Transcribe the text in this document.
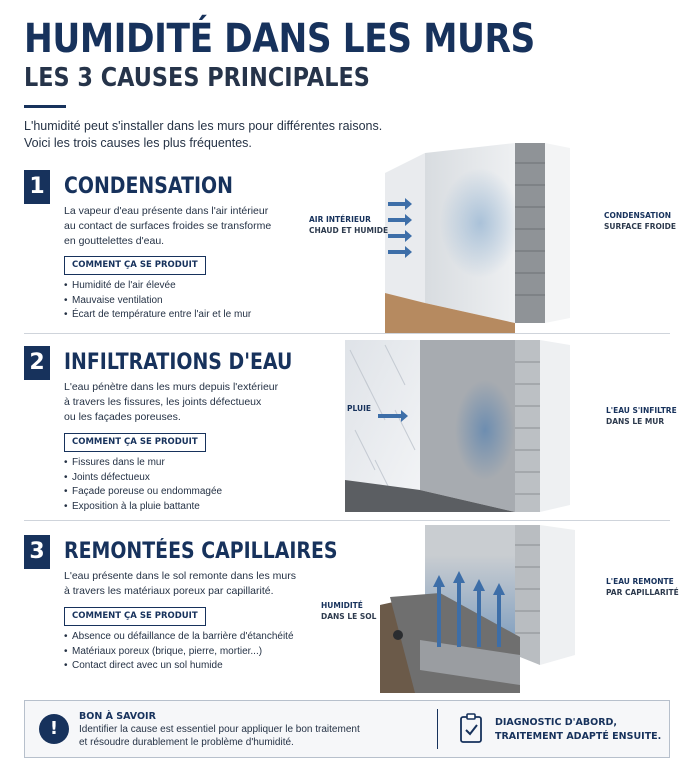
HUMIDITÉ DANS LES MURS
LES 3 CAUSES PRINCIPALES
L'humidité peut s'installer dans les murs pour différentes raisons.
Voici les trois causes les plus fréquentes.
1 CONDENSATION
La vapeur d'eau présente dans l'air intérieur
au contact de surfaces froides se transforme
en gouttelettes d'eau.
COMMENT ÇA SE PRODUIT
• Humidité de l'air élevée
• Mauvaise ventilation
• Écart de température entre l'air et le mur
AIR INTÉRIEUR
CHAUD ET HUMIDE
CONDENSATION
SURFACE FROIDE
2 INFILTRATIONS D'EAU
L'eau pénètre dans les murs depuis l'extérieur
à travers les fissures, les joints défectueux
ou les façades poreuses.
COMMENT ÇA SE PRODUIT
• Fissures dans le mur
• Joints défectueux
• Façade poreuse ou endommagée
• Exposition à la pluie battante
PLUIE	L'EAU S'INFILTRE
DANS LE MUR
3 REMONTÉES CAPILLAIRES
L'eau présente dans le sol remonte dans les murs
à travers les matériaux poreux par capillarité.
COMMENT ÇA SE PRODUIT
• Absence ou défaillance de la barrière d'étanchéité
• Matériaux poreux (brique, pierre, mortier...)
• Contact direct avec un sol humide
HUMIDITÉ
DANS LE SOL
L'EAU REMONTE
PAR CAPILLARITÉ
!
BON À SAVOIR
Identifier la cause est essentiel pour appliquer le bon traitement
et résoudre durablement le problème d'humidité.
DIAGNOSTIC D'ABORD,
TRAITEMENT ADAPTÉ ENSUITE.
